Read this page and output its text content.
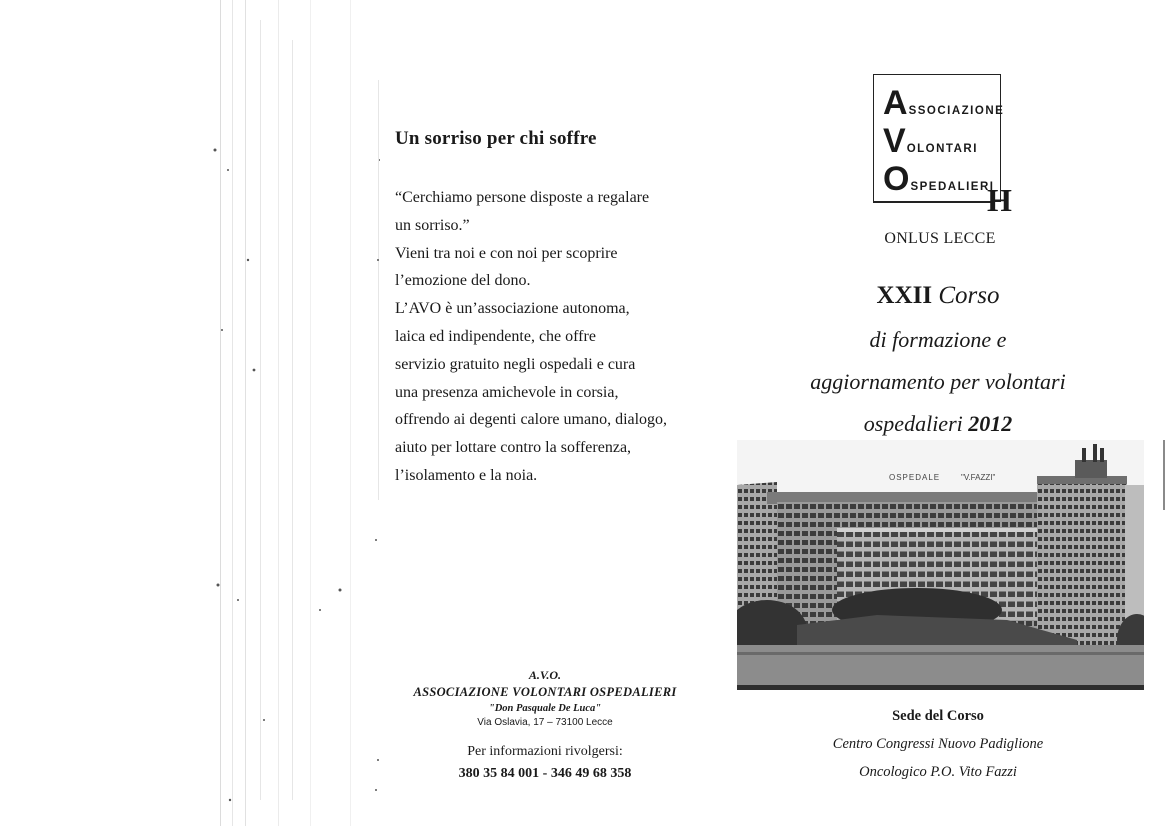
Un sorriso per chi soffre
“Cerchiamo persone disposte a regalare
un sorriso.”
Vieni tra noi e con noi per scoprire
l’emozione del dono.
L’AVO è un’associazione autonoma,
laica ed indipendente, che offre
servizio gratuito negli ospedali e cura
una presenza amichevole in corsia,
offrendo ai degenti calore umano, dialogo,
aiuto per lottare contro la sofferenza,
l’isolamento e la noia.
A.V.O.
ASSOCIAZIONE VOLONTARI OSPEDALIERI
"Don Pasquale De Luca"
Via Oslavia, 17 – 73100 Lecce
Per informazioni rivolgersi:
380 35 84 001 - 346 49 68 358
A SSOCIAZIONE
V OLONTARI
O SPEDALIERI
H
ONLUS LECCE
XXII Corso
di formazione e
aggiornamento per volontari
ospedalieri 2012
OSPEDALE	"V.FAZZI"
Sede del Corso
Centro Congressi Nuovo Padiglione
Oncologico P.O. Vito Fazzi
